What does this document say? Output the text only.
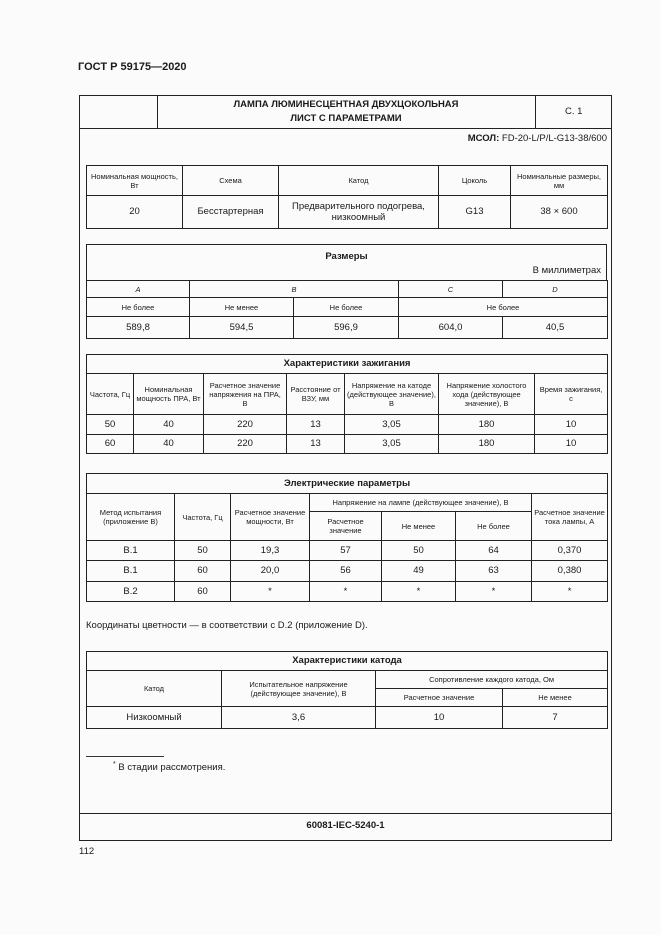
ГОСТ Р 59175—2020

ЛАМПА ЛЮМИНЕСЦЕНТНАЯ ДВУХЦОКОЛЬНАЯ
ЛИСТ С ПАРАМЕТРАМИ
	С. 1
МСОЛ: FD-20-L/P/L-G13-38/600
Номинальная мощность, Вт	Схема	Катод	Цоколь	Номинальные размеры, мм
20	Бесстартерная	Предварительного подогрева, низкоомный	G13	38 × 600
Размеры
В миллиметрах
A	B		C	D
Не более	Не менее	Не более	Не более	
589,8	594,5	596,9	604,0	40,5
Характеристики зажигания						
Частота, Гц	Номинальная мощность ПРА, Вт	Расчетное значение напряжения на ПРА, В	Расстояние от ВЗУ, мм	Напряжение на катоде (действующее значение), В	Напряжение холостого хода (действующее значение), В	Время зажигания, с
50	40	220	13	3,05	180	10
60	40	220	13	3,05	180	10
Электрические параметры						
Метод испытания (приложение В)	Частота, Гц	Расчетное значение мощности, Вт	Напряжение на лампе (действующее значение), В			Расчетное значение тока лампы, А
			Расчетное значение	Не менее	Не более	
В.1	50	19,3	57	50	64	0,370
В.1	60	20,0	56	49	63	0,380
В.2	60	*	*	*	*	*
Координаты цветности — в соответствии с D.2 (приложение D).
Характеристики катода			
Катод	Испытательное напряжение (действующее значение), В	Сопротивление каждого катода, Ом	
		Расчетное значение	Не менее
Низкоомный	3,6	10	7
* В стадии рассмотрения.
60081-IEC-5240-1
112
